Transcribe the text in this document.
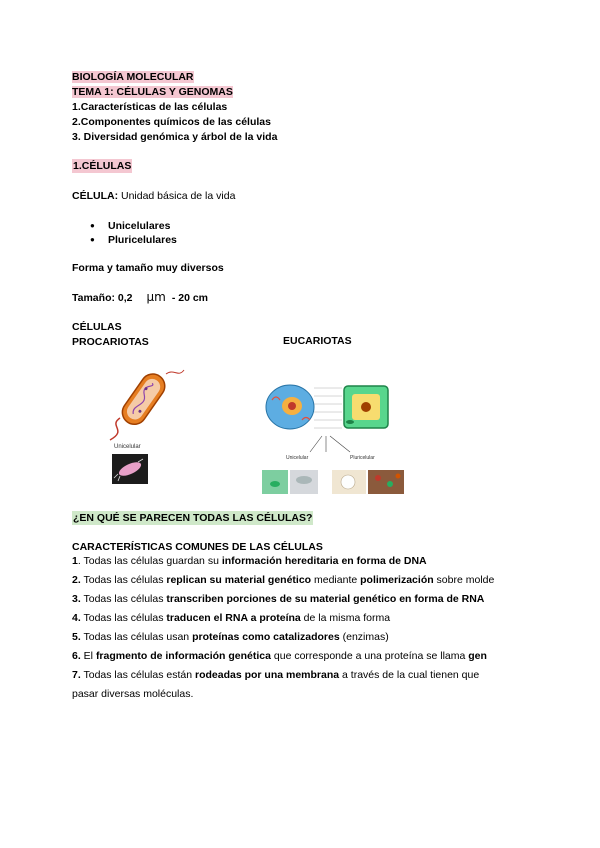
BIOLOGÍA MOLECULAR
TEMA 1: CÉLULAS Y GENOMAS
1.Características de las células
2.Componentes químicos de las células
3. Diversidad genómica y árbol de la vida
1.CÉLULAS
CÉLULA: Unidad básica de la vida
● Unicelulares
● Pluricelulares
Forma y tamaño muy diversos
Tamaño: 0,2 μm - 20 cm
CÉLULAS
PROCARIOTAS	EUCARIOTAS
Unicelular
Unicelular	Pluricelular
¿EN QUÉ SE PARECEN TODAS LAS CÉLULAS?
CARACTERÍSTICAS COMUNES DE LAS CÉLULAS
1. Todas las células guardan su información hereditaria en forma de DNA
2. Todas las células replican su material genético mediante polimerización sobre molde
3. Todas las células transcriben porciones de su material genético en forma de RNA
4. Todas las células traducen el RNA a proteína de la misma forma
5. Todas las células usan proteínas como catalizadores (enzimas)
6. El fragmento de información genética que corresponde a una proteína se llama gen
7. Todas las células están rodeadas por una membrana a través de la cual tienen que
pasar diversas moléculas.
